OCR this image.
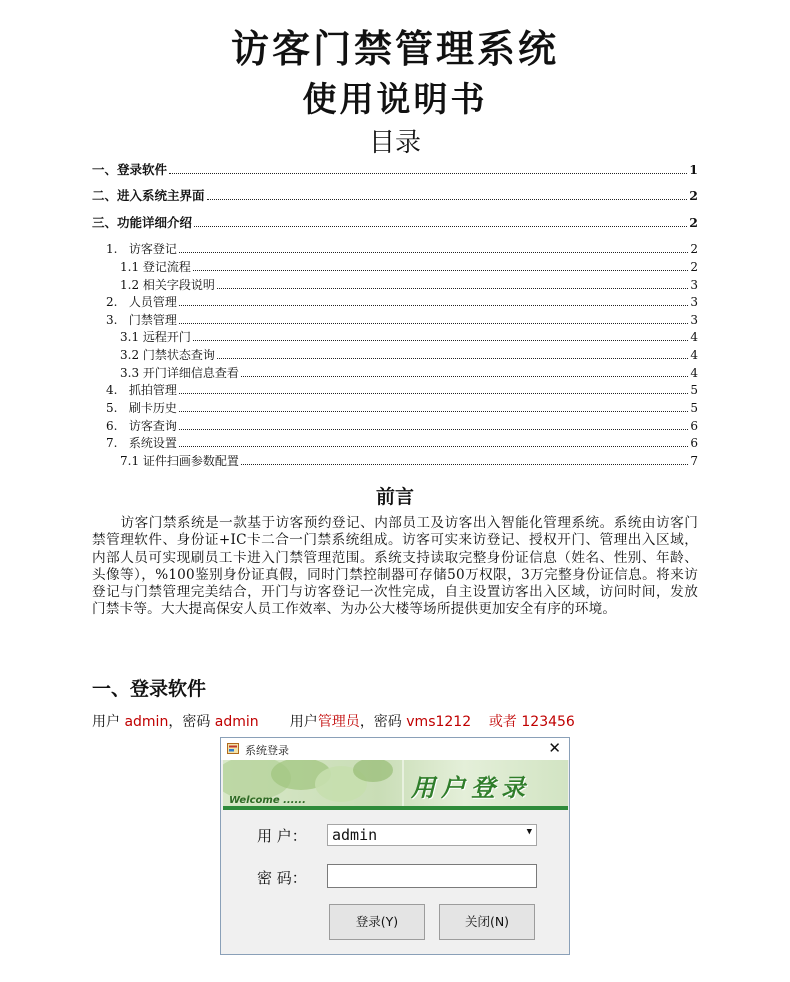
访客门禁管理系统
使用说明书
目录
一、 登录软件	1
二、 进入系统主界面	2
三、 功能详细介绍	2
1. 访客登记	2
1.1 登记流程	2
1.2 相关字段说明	3
2. 人员管理	3
3. 门禁管理	3
3.1 远程开门	4
3.2 门禁状态查询	4
3.3 开门详细信息查看	4
4. 抓拍管理	5
5. 刷卡历史	5
6. 访客查询	6
7. 系统设置	6
7.1 证件扫画参数配置	7
前言
访客门禁系统是一款基于访客预约登记、内部员工及访客出入智能化管理系统。系统由访客门禁管理软件、身份证+IC卡二合一门禁系统组成。访客可实来访登记、授权开门、管理出入区域，内部人员可实现刷员工卡进入门禁管理范围。系统支持读取完整身份证信息（姓名、性别、年龄、头像等），%100鉴别身份证真假，同时门禁控制器可存储50万权限，3万完整身份证信息。将来访登记与门禁管理完美结合，开门与访客登记一次性完成，自主设置访客出入区域，访问时间，发放门禁卡等。大大提高保安人员工作效率、为办公大楼等场所提供更加安全有序的环境。
一、登录软件
用户 admin，密码 admin       用户管理员，密码 vms1212    或者 123456
系统登录	✕
Welcome ......	用户登录
用 户： admin	▼
密 码：
登录(Y)	关闭(N)
